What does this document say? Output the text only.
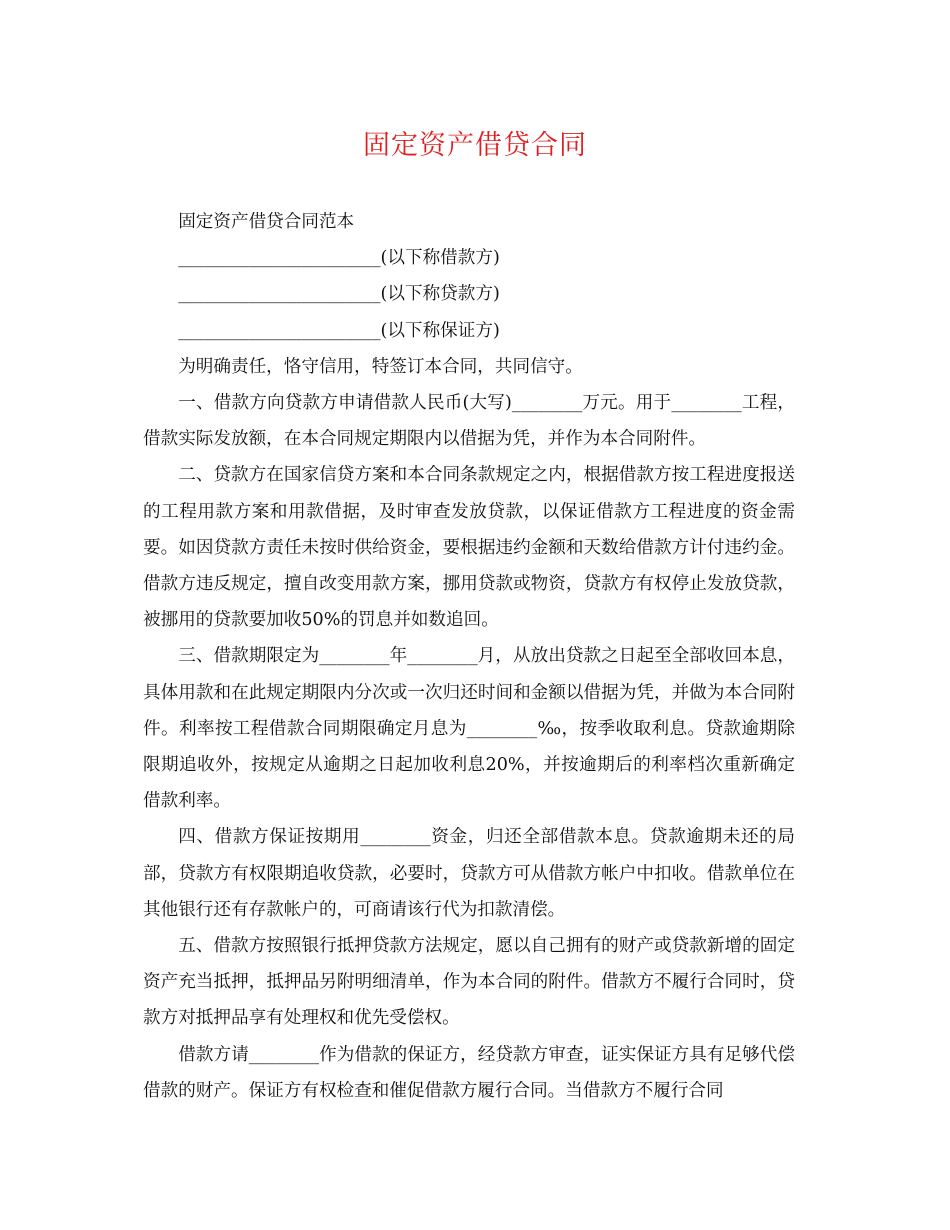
固定资产借贷合同

固定资产借贷合同范本

_______________________(以下称借款方)

_______________________(以下称贷款方)

_______________________(以下称保证方)

为明确责任，恪守信用，特签订本合同，共同信守。

一、借款方向贷款方申请借款人民币(大写)________万元。用于________工程，借款实际发放额，在本合同规定期限内以借据为凭，并作为本合同附件。

二、贷款方在国家信贷方案和本合同条款规定之内，根据借款方按工程进度报送的工程用款方案和用款借据，及时审查发放贷款，以保证借款方工程进度的资金需要。如因贷款方责任未按时供给资金，要根据违约金额和天数给借款方计付违约金。借款方违反规定，擅自改变用款方案，挪用贷款或物资，贷款方有权停止发放贷款，被挪用的贷款要加收50%的罚息并如数追回。

三、借款期限定为________年________月，从放出贷款之日起至全部收回本息，具体用款和在此规定期限内分次或一次归还时间和金额以借据为凭，并做为本合同附件。利率按工程借款合同期限确定月息为________‰，按季收取利息。贷款逾期除限期追收外，按规定从逾期之日起加收利息20%，并按逾期后的利率档次重新确定借款利率。

四、借款方保证按期用________资金，归还全部借款本息。贷款逾期未还的局部，贷款方有权限期追收贷款，必要时，贷款方可从借款方帐户中扣收。借款单位在其他银行还有存款帐户的，可商请该行代为扣款清偿。

五、借款方按照银行抵押贷款方法规定，愿以自己拥有的财产或贷款新增的固定资产充当抵押，抵押品另附明细清单，作为本合同的附件。借款方不履行合同时，贷款方对抵押品享有处理权和优先受偿权。

借款方请________作为借款的保证方，经贷款方审查，证实保证方具有足够代偿借款的财产。保证方有权检查和催促借款方履行合同。当借款方不履行合同
